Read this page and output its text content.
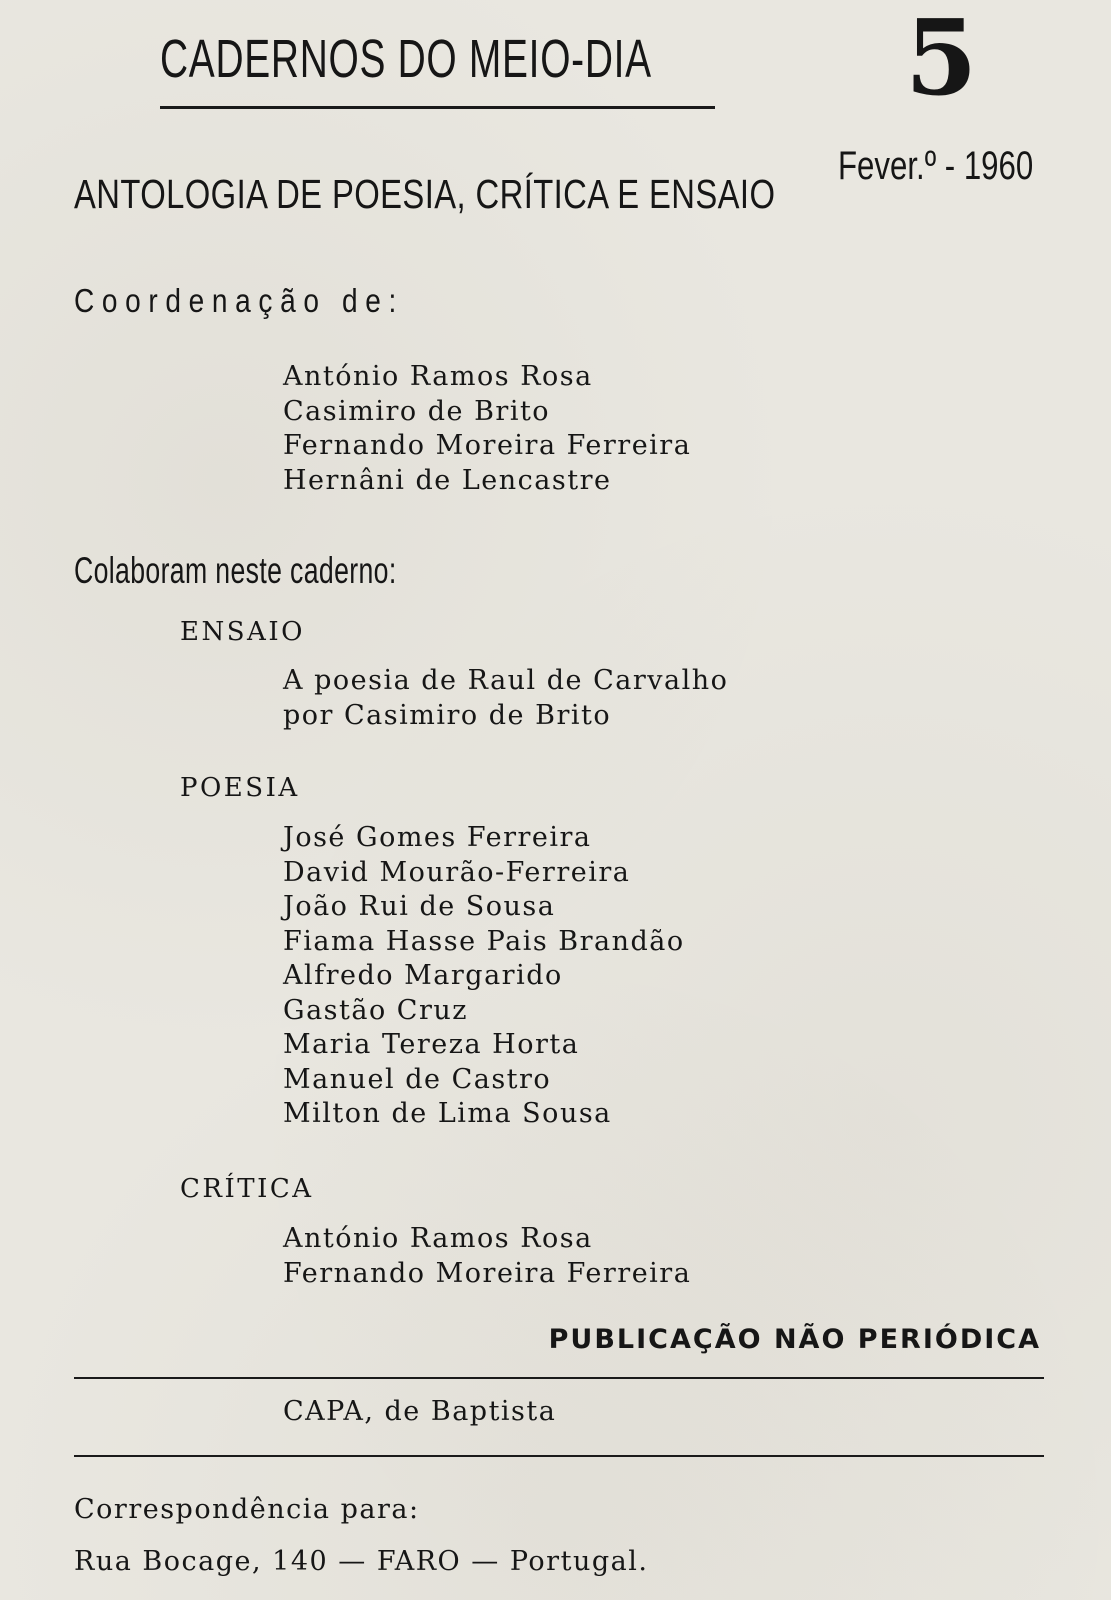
CADERNOS DO MEIO-DIA 5
Fever.º - 1960
ANTOLOGIA DE POESIA, CRÍTICA E ENSAIO
Coordenação de:
António Ramos Rosa
Casimiro de Brito
Fernando Moreira Ferreira
Hernâni de Lencastre
Colaboram neste caderno:
ENSAIO
A poesia de Raul de Carvalho
por Casimiro de Brito
POESIA
José Gomes Ferreira
David Mourão-Ferreira
João Rui de Sousa
Fiama Hasse Pais Brandão
Alfredo Margarido
Gastão Cruz
Maria Tereza Horta
Manuel de Castro
Milton de Lima Sousa
CRÍTICA
António Ramos Rosa
Fernando Moreira Ferreira
PUBLICAÇÃO NÃO PERIÓDICA
CAPA, de Baptista
Correspondência para:
Rua Bocage, 140 — FARO — Portugal.
